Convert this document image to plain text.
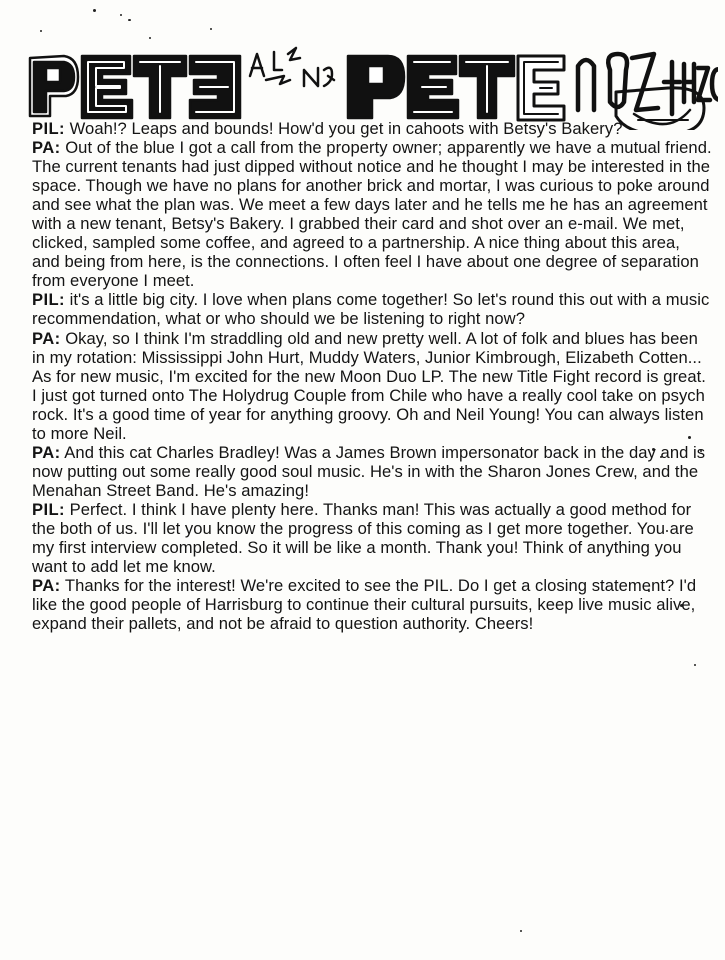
PIL: Woah!? Leaps and bounds! How'd you get in cahoots with Betsy's Bakery?

PA: Out of the blue I got a call from the property owner; apparently we have a mutual friend. The current tenants had just dipped without notice and he thought I may be interested in the space. Though we have no plans for another brick and mortar, I was curious to poke around and see what the plan was. We meet a few days later and he tells me he has an agreement with a new tenant, Betsy's Bakery. I grabbed their card and shot over an e-mail. We met, clicked, sampled some coffee, and agreed to a partnership. A nice thing about this area, and being from here, is the connections. I often feel I have about one degree of separation from everyone I meet.

PIL: it's a little big city. I love when plans come together! So let's round this out with a music recommendation, what or who should we be listening to right now?

PA: Okay, so I think I'm straddling old and new pretty well. A lot of folk and blues has been in my rotation: Mississippi John Hurt, Muddy Waters, Junior Kimbrough, Elizabeth Cotten... As for new music, I'm excited for the new Moon Duo LP. The new Title Fight record is great. I just got turned onto The Holydrug Couple from Chile who have a really cool take on psych rock. It's a good time of year for anything groovy. Oh and Neil Young! You can always listen to more Neil.

PA: And this cat Charles Bradley! Was a James Brown impersonator back in the day and is now putting out some really good soul music. He's in with the Sharon Jones Crew, and the Menahan Street Band. He's amazing!

PIL: Perfect. I think I have plenty here. Thanks man! This was actually a good method for the both of us. I'll let you know the progress of this coming as I get more together. You are my first interview completed. So it will be like a month. Thank you! Think of anything you want to add let me know.

PA: Thanks for the interest! We're excited to see the PIL. Do I get a closing statement? I'd like the good people of Harrisburg to continue their cultural pursuits, keep live music alive, expand their pallets, and not be afraid to question authority. Cheers!
